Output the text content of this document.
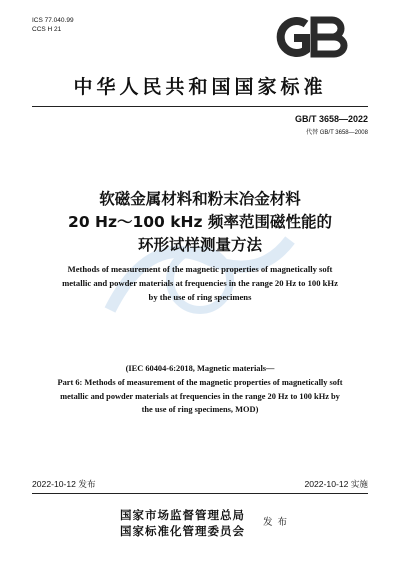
ICS 77.040.99
CCS H 21
中华人民共和国国家标准
GB/T 3658—2022
代替 GB/T 3658—2008
软磁金属材料和粉末冶金材料
20 Hz～100 kHz 频率范围磁性能的
环形试样测量方法
Methods of measurement of the magnetic properties of magnetically soft
metallic and powder materials at frequencies in the range 20 Hz to 100 kHz
by the use of ring specimens
(IEC 60404-6:2018, Magnetic materials—
Part 6: Methods of measurement of the magnetic properties of magnetically soft
metallic and powder materials at frequencies in the range 20 Hz to 100 kHz by
the use of ring specimens, MOD)
2022-10-12 发布	2022-10-12 实施
国家市场监督管理总局
国家标准化管理委员会
发布
